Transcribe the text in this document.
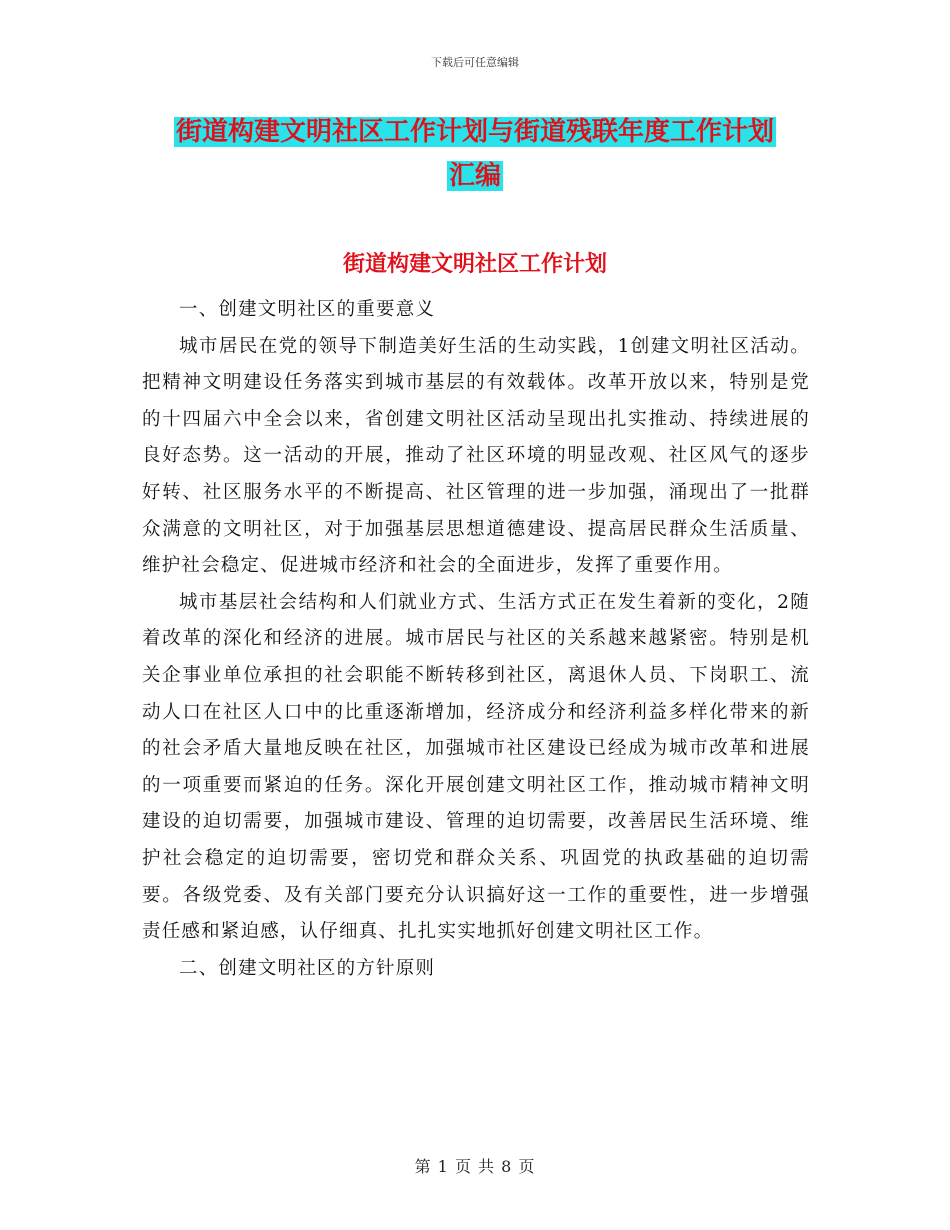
下载后可任意编辑
街道构建文明社区工作计划与街道残联年度工作计划
汇编
街道构建文明社区工作计划

一、创建文明社区的重要意义

城市居民在党的领导下制造美好生活的生动实践，1创建文明社区活动。把精神文明建设任务落实到城市基层的有效载体。改革开放以来，特别是党的十四届六中全会以来，省创建文明社区活动呈现出扎实推动、持续进展的良好态势。这一活动的开展，推动了社区环境的明显改观、社区风气的逐步好转、社区服务水平的不断提高、社区管理的进一步加强，涌现出了一批群众满意的文明社区，对于加强基层思想道德建设、提高居民群众生活质量、维护社会稳定、促进城市经济和社会的全面进步，发挥了重要作用。

城市基层社会结构和人们就业方式、生活方式正在发生着新的变化，2随着改革的深化和经济的进展。城市居民与社区的关系越来越紧密。特别是机关企事业单位承担的社会职能不断转移到社区，离退休人员、下岗职工、流动人口在社区人口中的比重逐渐增加，经济成分和经济利益多样化带来的新的社会矛盾大量地反映在社区，加强城市社区建设已经成为城市改革和进展的一项重要而紧迫的任务。深化开展创建文明社区工作，推动城市精神文明建设的迫切需要，加强城市建设、管理的迫切需要，改善居民生活环境、维护社会稳定的迫切需要，密切党和群众关系、巩固党的执政基础的迫切需要。各级党委、及有关部门要充分认识搞好这一工作的重要性，进一步增强责任感和紧迫感，认仔细真、扎扎实实地抓好创建文明社区工作。

二、创建文明社区的方针原则

第 1 页 共 8 页
